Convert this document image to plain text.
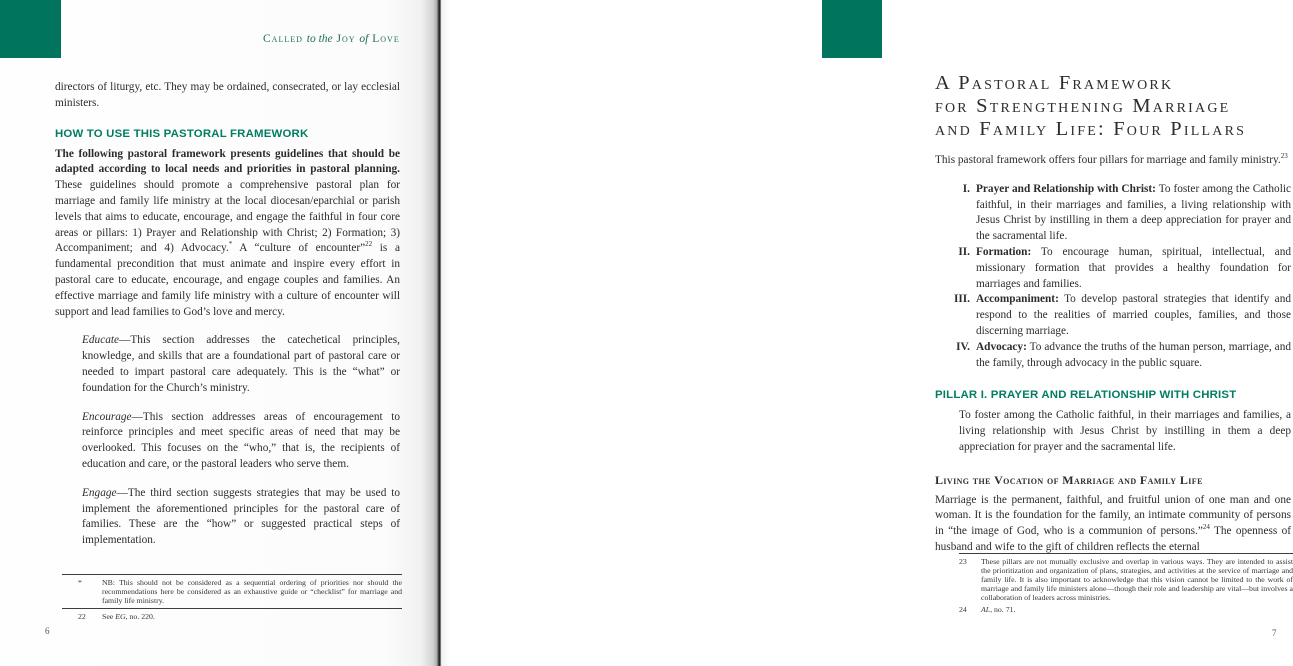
Called to the Joy of Love

directors of liturgy, etc. They may be ordained, consecrated, or lay ecclesial ministers.

HOW TO USE THIS PASTORAL FRAMEWORK

The following pastoral framework presents guidelines that should be adapted according to local needs and priorities in pastoral planning. These guidelines should promote a comprehensive pastoral plan for marriage and family life ministry at the local diocesan/eparchial or parish levels that aims to educate, encourage, and engage the faithful in four core areas or pillars: 1) Prayer and Relationship with Christ; 2) Formation; 3) Accompaniment; and 4) Advocacy.* A “culture of encounter”$^{22}$ is a fundamental precondition that must animate and inspire every effort in pastoral care to educate, encourage, and engage couples and families. An effective marriage and family life ministry with a culture of encounter will support and lead families to God’s love and mercy.

Educate—This section addresses the catechetical principles, knowledge, and skills that are a foundational part of pastoral care or needed to impart pastoral care adequately. This is the “what” or foundation for the Church’s ministry.

Encourage—This section addresses areas of encouragement to reinforce principles and meet specific areas of need that may be overlooked. This focuses on the “who,” that is, the recipients of education and care, or the pastoral leaders who serve them.

Engage—The third section suggests strategies that may be used to implement the aforementioned principles for the pastoral care of families. These are the “how” or suggested practical steps of implementation.

*	NB: This should not be considered as a sequential ordering of priorities nor should the recommendations here be considered as an exhaustive guide or “checklist” for marriage and family life ministry.
22	See EG, no. 220.
6
A Pastoral Framework
for Strengthening Marriage
and Family Life: Four Pillars

This pastoral framework offers four pillars for marriage and family ministry.$^{23}$

I. Prayer and Relationship with Christ: To foster among the Catholic faithful, in their marriages and families, a living relationship with Jesus Christ by instilling in them a deep appreciation for prayer and the sacramental life.
II. Formation: To encourage human, spiritual, intellectual, and missionary formation that provides a healthy foundation for marriages and families.
III. Accompaniment: To develop pastoral strategies that identify and respond to the realities of married couples, families, and those discerning marriage.
IV. Advocacy: To advance the truths of the human person, marriage, and the family, through advocacy in the public square.
PILLAR I. PRAYER AND RELATIONSHIP WITH CHRIST

To foster among the Catholic faithful, in their marriages and families, a living relationship with Jesus Christ by instilling in them a deep appreciation for prayer and the sacramental life.

Living the Vocation of Marriage and Family Life

Marriage is the permanent, faithful, and fruitful union of one man and one woman. It is the foundation for the family, an intimate community of persons in “the image of God, who is a communion of persons.”$^{24}$ The openness of husband and wife to the gift of children reflects the eternal

23	These pillars are not mutually exclusive and overlap in various ways. They are intended to assist the prioritization and organization of plans, strategies, and activities at the service of marriage and family life. It is also important to acknowledge that this vision cannot be limited to the work of marriage and family life ministers alone—though their role and leadership are vital—but involves a collaboration of leaders across ministries.
24	AL, no. 71.
7
